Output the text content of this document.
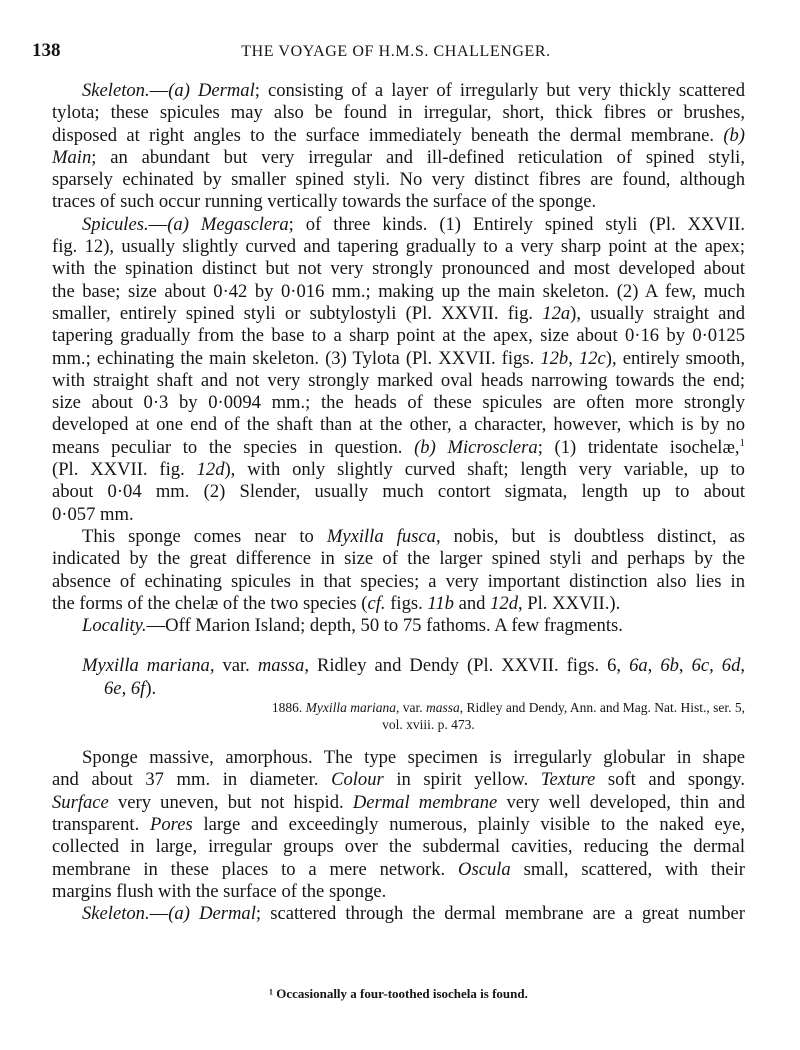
138	THE VOYAGE OF H.M.S. CHALLENGER.
Skeleton.—(a) Dermal; consisting of a layer of irregularly but very thickly scattered
tylota; these spicules may also be found in irregular, short, thick fibres or brushes,
disposed at right angles to the surface immediately beneath the dermal membrane. (b)
Main; an abundant but very irregular and ill-defined reticulation of spined styli,
sparsely echinated by smaller spined styli. No very distinct fibres are found, although
traces of such occur running vertically towards the surface of the sponge.
Spicules.—(a) Megasclera; of three kinds. (1) Entirely spined styli (Pl. XXVII.
fig. 12), usually slightly curved and tapering gradually to a very sharp point at the apex;
with the spination distinct but not very strongly pronounced and most developed about
the base; size about 0·42 by 0·016 mm.; making up the main skeleton. (2) A few, much
smaller, entirely spined styli or subtylostyli (Pl. XXVII. fig. 12a), usually straight and
tapering gradually from the base to a sharp point at the apex, size about 0·16 by 0·0125
mm.; echinating the main skeleton. (3) Tylota (Pl. XXVII. figs. 12b, 12c), entirely smooth,
with straight shaft and not very strongly marked oval heads narrowing towards the end;
size about 0·3 by 0·0094 mm.; the heads of these spicules are often more strongly
developed at one end of the shaft than at the other, a character, however, which is by no
means peculiar to the species in question. (b) Microsclera; (1) tridentate isochelæ,$^1$
(Pl. XXVII. fig. 12d), with only slightly curved shaft; length very variable, up to
about 0·04 mm. (2) Slender, usually much contort sigmata, length up to about
0·057 mm.
This sponge comes near to Myxilla fusca, nobis, but is doubtless distinct, as
indicated by the great difference in size of the larger spined styli and perhaps by the
absence of echinating spicules in that species; a very important distinction also lies in
the forms of the chelæ of the two species (cf. figs. 11b and 12d, Pl. XXVII.).
Locality.—Off Marion Island; depth, 50 to 75 fathoms. A few fragments.
Myxilla mariana, var. massa, Ridley and Dendy (Pl. XXVII. figs. 6, 6a, 6b, 6c, 6d,
6e, 6f).
1886. Myxilla mariana, var. massa, Ridley and Dendy, Ann. and Mag. Nat. Hist., ser. 5,
vol. xviii. p. 473.
Sponge massive, amorphous. The type specimen is irregularly globular in shape
and about 37 mm. in diameter. Colour in spirit yellow. Texture soft and spongy.
Surface very uneven, but not hispid. Dermal membrane very well developed, thin and
transparent. Pores large and exceedingly numerous, plainly visible to the naked eye,
collected in large, irregular groups over the subdermal cavities, reducing the dermal
membrane in these places to a mere network. Oscula small, scattered, with their
margins flush with the surface of the sponge.
Skeleton.—(a) Dermal; scattered through the dermal membrane are a great number
¹ Occasionally a four-toothed isochela is found.
